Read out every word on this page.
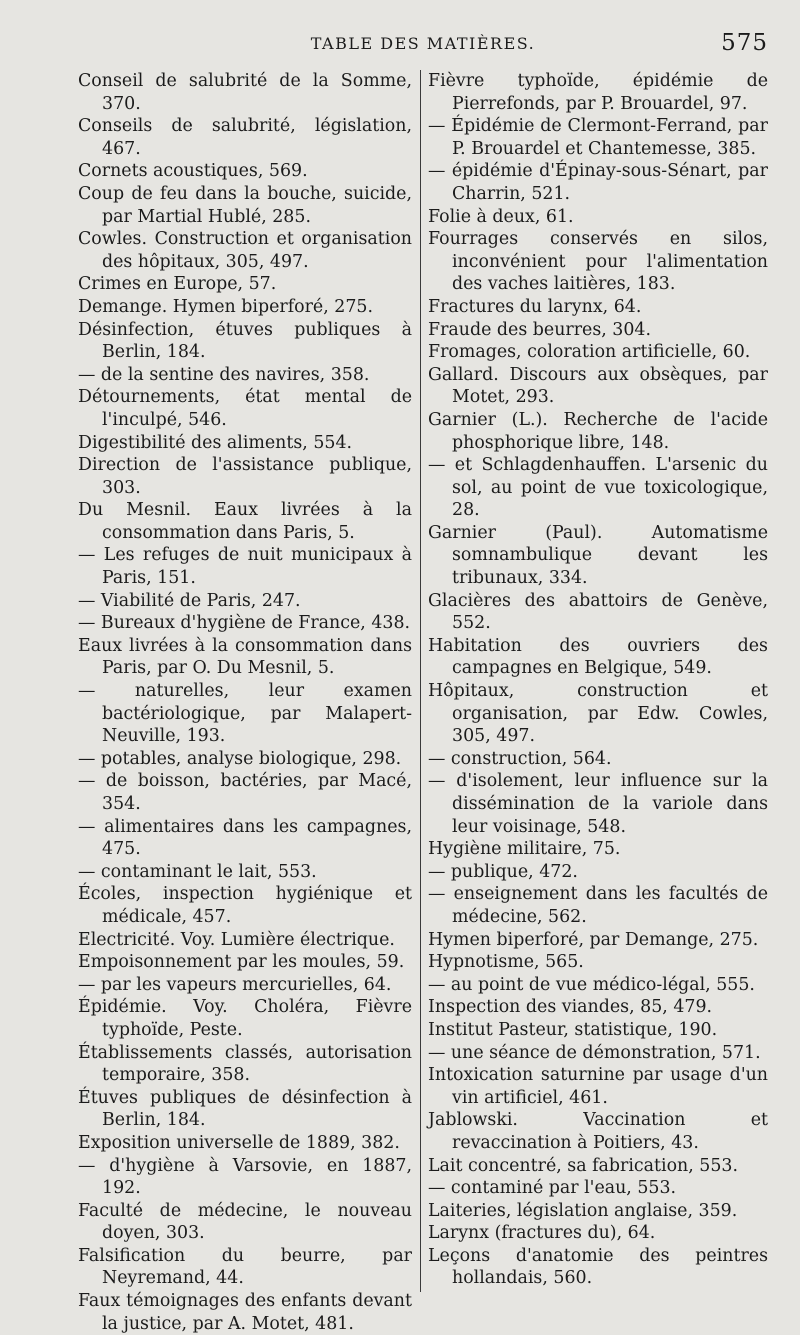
TABLE DES MATIÈRES.	575

Conseil de salubrité de la Somme, 370.

Conseils de salubrité, législation, 467.

Cornets acoustiques, 569.

Coup de feu dans la bouche, suicide, par Martial Hublé, 285.

Cowles. Construction et organisation des hôpitaux, 305, 497.

Crimes en Europe, 57.

Demange. Hymen biperforé, 275.

Désinfection, étuves publiques à Berlin, 184.

— de la sentine des navires, 358.

Détournements, état mental de l'inculpé, 546.

Digestibilité des aliments, 554.

Direction de l'assistance publique, 303.

Du Mesnil. Eaux livrées à la consommation dans Paris, 5.

— Les refuges de nuit municipaux à Paris, 151.

— Viabilité de Paris, 247.

— Bureaux d'hygiène de France, 438.

Eaux livrées à la consommation dans Paris, par O. Du Mesnil, 5.

— naturelles, leur examen bactériologique, par Malapert-Neuville, 193.

— potables, analyse biologique, 298.

— de boisson, bactéries, par Macé, 354.

— alimentaires dans les campagnes, 475.

— contaminant le lait, 553.

Écoles, inspection hygiénique et médicale, 457.

Electricité. Voy. Lumière électrique.

Empoisonnement par les moules, 59.

— par les vapeurs mercurielles, 64.

Épidémie. Voy. Choléra, Fièvre typhoïde, Peste.

Établissements classés, autorisation temporaire, 358.

Étuves publiques de désinfection à Berlin, 184.

Exposition universelle de 1889, 382.

— d'hygiène à Varsovie, en 1887, 192.

Faculté de médecine, le nouveau doyen, 303.

Falsification du beurre, par Neyremand, 44.

Faux témoignages des enfants devant la justice, par A. Motet, 481.

Fièvre typhoïde, épidémie de Pierrefonds, par P. Brouardel, 97.

— Épidémie de Clermont-Ferrand, par P. Brouardel et Chantemesse, 385.

— épidémie d'Épinay-sous-Sénart, par Charrin, 521.

Folie à deux, 61.

Fourrages conservés en silos, inconvénient pour l'alimentation des vaches laitières, 183.

Fractures du larynx, 64.

Fraude des beurres, 304.

Fromages, coloration artificielle, 60.

Gallard. Discours aux obsèques, par Motet, 293.

Garnier (L.). Recherche de l'acide phosphorique libre, 148.

— et Schlagdenhauffen. L'arsenic du sol, au point de vue toxicologique, 28.

Garnier (Paul). Automatisme somnambulique devant les tribunaux, 334.

Glacières des abattoirs de Genève, 552.

Habitation des ouvriers des campagnes en Belgique, 549.

Hôpitaux, construction et organisation, par Edw. Cowles, 305, 497.

— construction, 564.

— d'isolement, leur influence sur la dissémination de la variole dans leur voisinage, 548.

Hygiène militaire, 75.

— publique, 472.

— enseignement dans les facultés de médecine, 562.

Hymen biperforé, par Demange, 275.

Hypnotisme, 565.

— au point de vue médico-légal, 555.

Inspection des viandes, 85, 479.

Institut Pasteur, statistique, 190.

— une séance de démonstration, 571.

Intoxication saturnine par usage d'un vin artificiel, 461.

Jablowski. Vaccination et revaccination à Poitiers, 43.

Lait concentré, sa fabrication, 553.

— contaminé par l'eau, 553.

Laiteries, législation anglaise, 359.

Larynx (fractures du), 64.

Leçons d'anatomie des peintres hollandais, 560.
